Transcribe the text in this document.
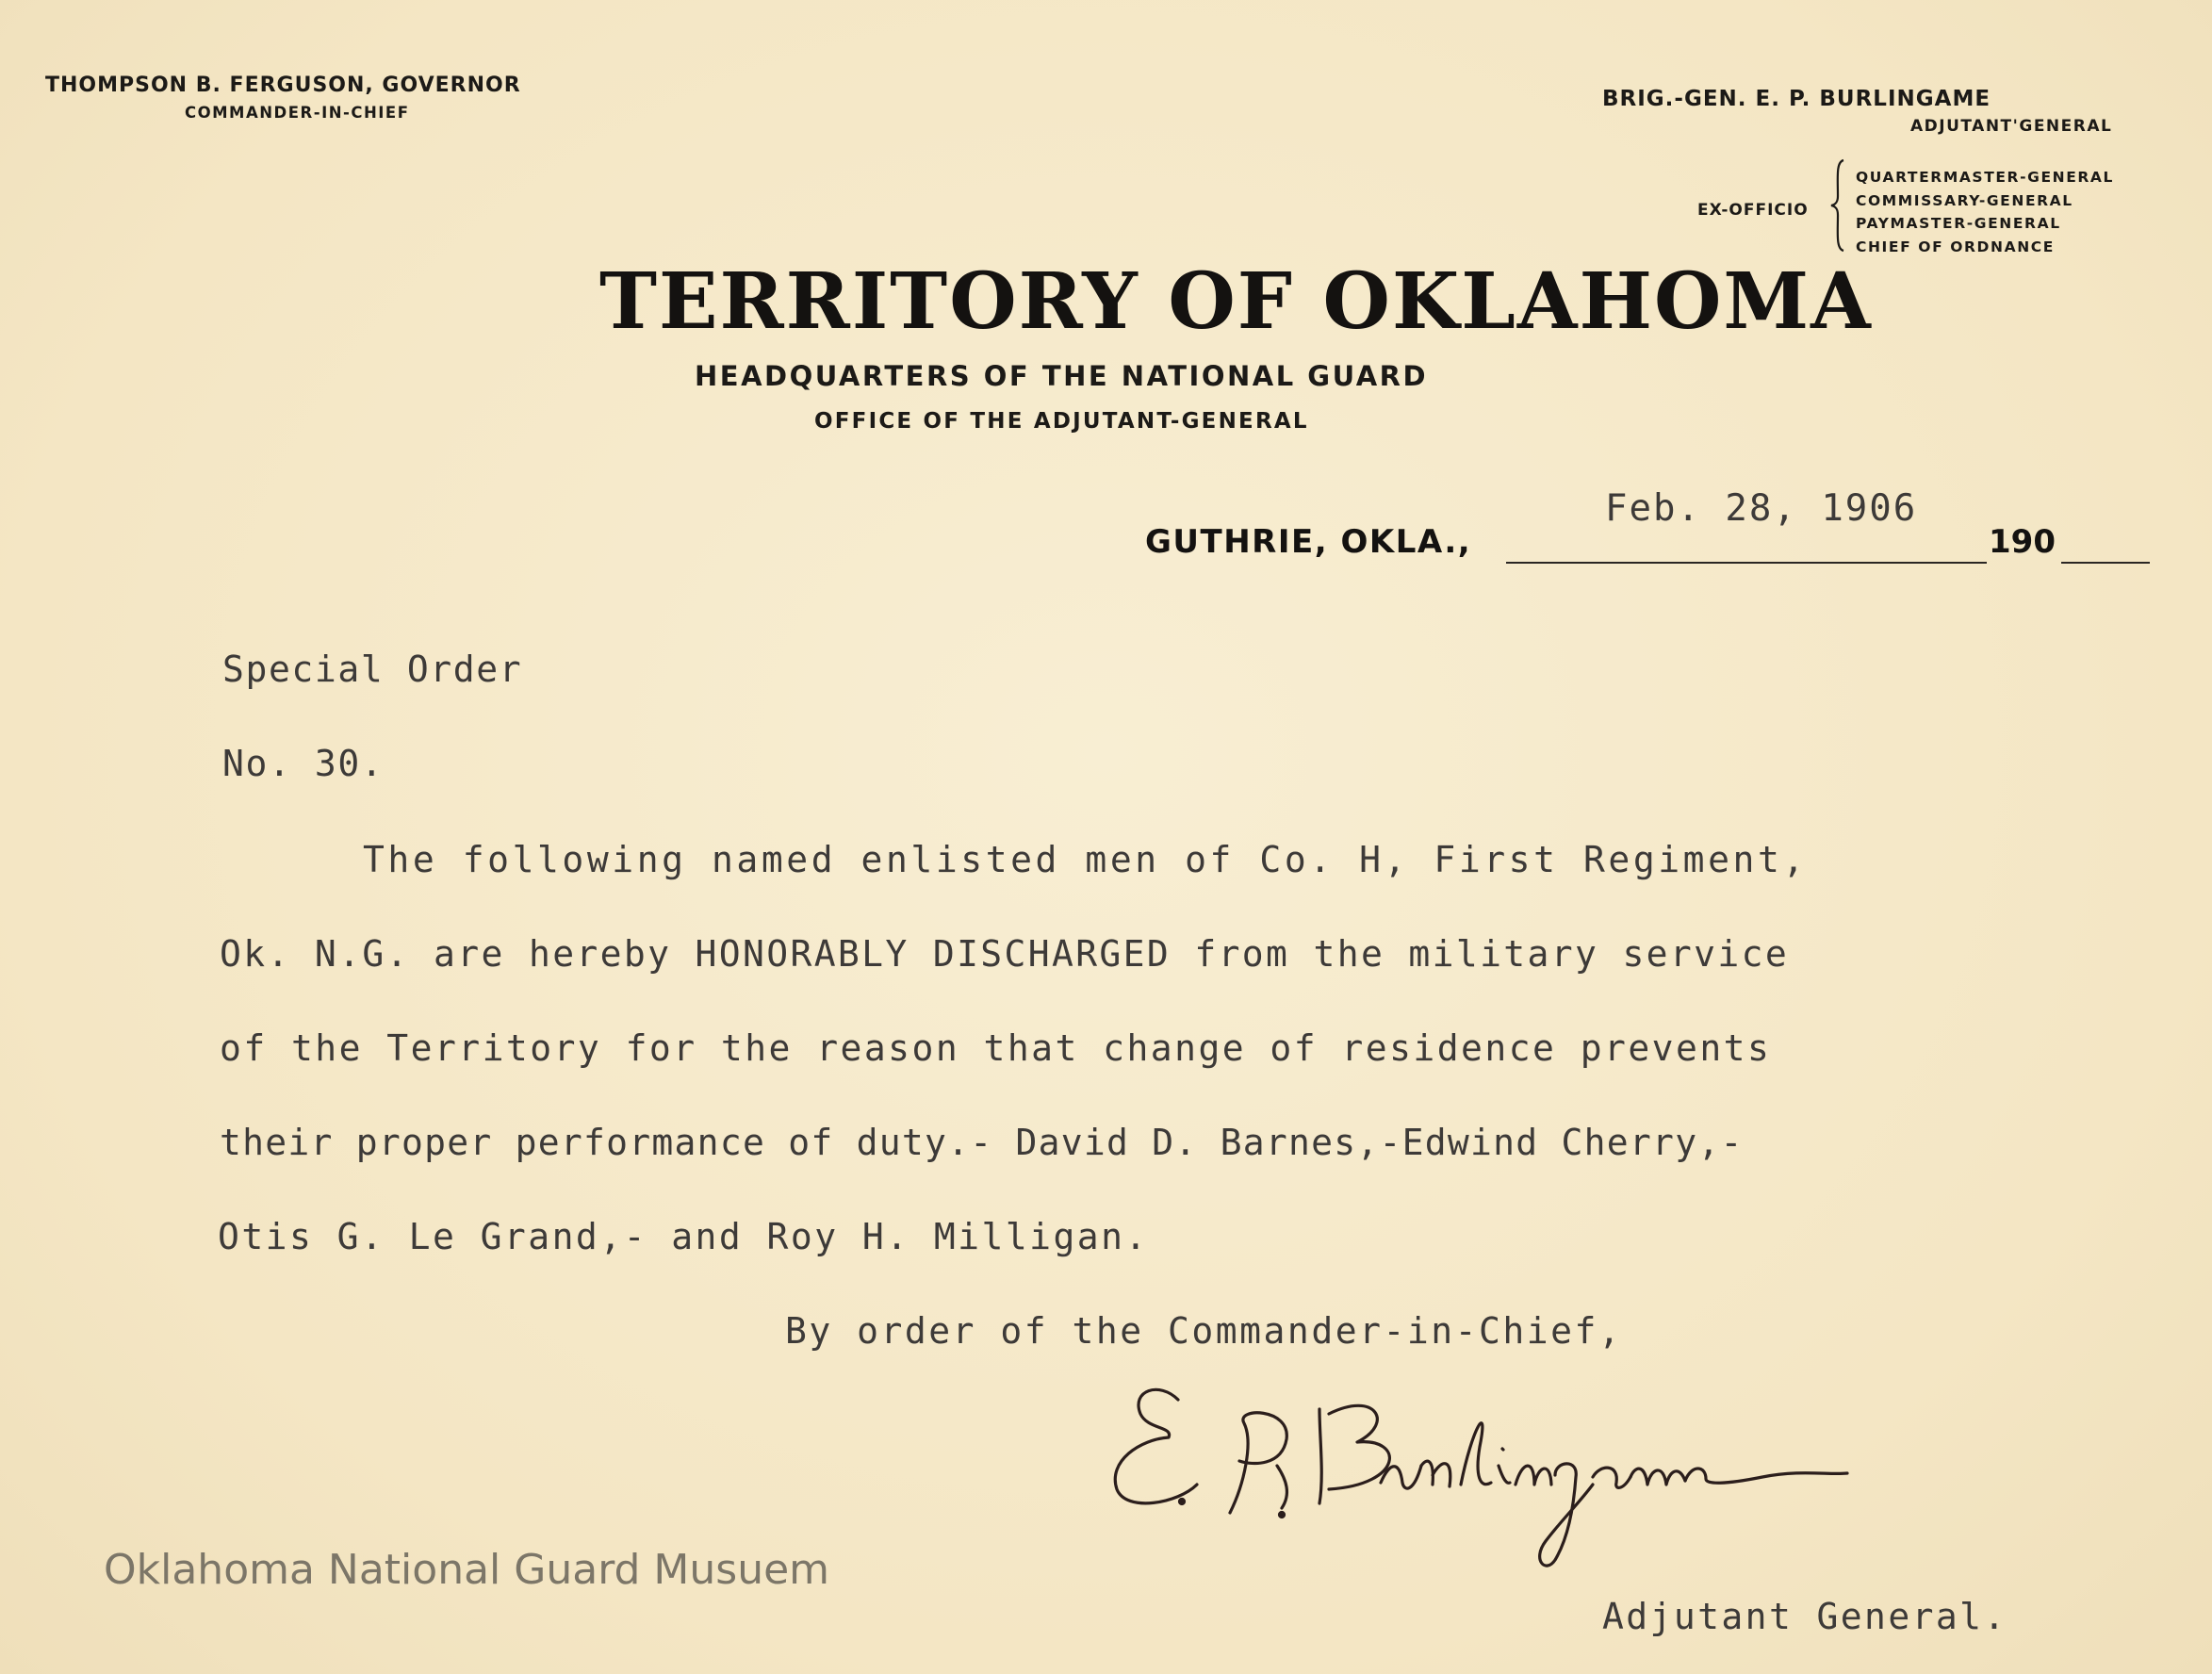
THOMPSON B. FERGUSON, GOVERNOR
COMMANDER-IN-CHIEF
BRIG.-GEN. E. P. BURLINGAME
ADJUTANT'GENERAL
EX-OFFICIO
QUARTERMASTER-GENERAL
COMMISSARY-GENERAL
PAYMASTER-GENERAL
CHIEF OF ORDNANCE
TERRITORY OF OKLAHOMA
HEADQUARTERS OF THE NATIONAL GUARD
OFFICE OF THE ADJUTANT-GENERAL
Feb. 28, 1906
GUTHRIE, OKLA.,	190
Special Order
No. 30.
The following named enlisted men of Co. H, First Regiment,
Ok. N.G. are hereby HONORABLY DISCHARGED from the military service
of the Territory for the reason that change of residence prevents
their proper performance of duty.- David D. Barnes,-Edwind Cherry,-
Otis G. Le Grand,- and Roy H. Milligan.
By order of the Commander-in-Chief,
Adjutant General.
Oklahoma National Guard Musuem
